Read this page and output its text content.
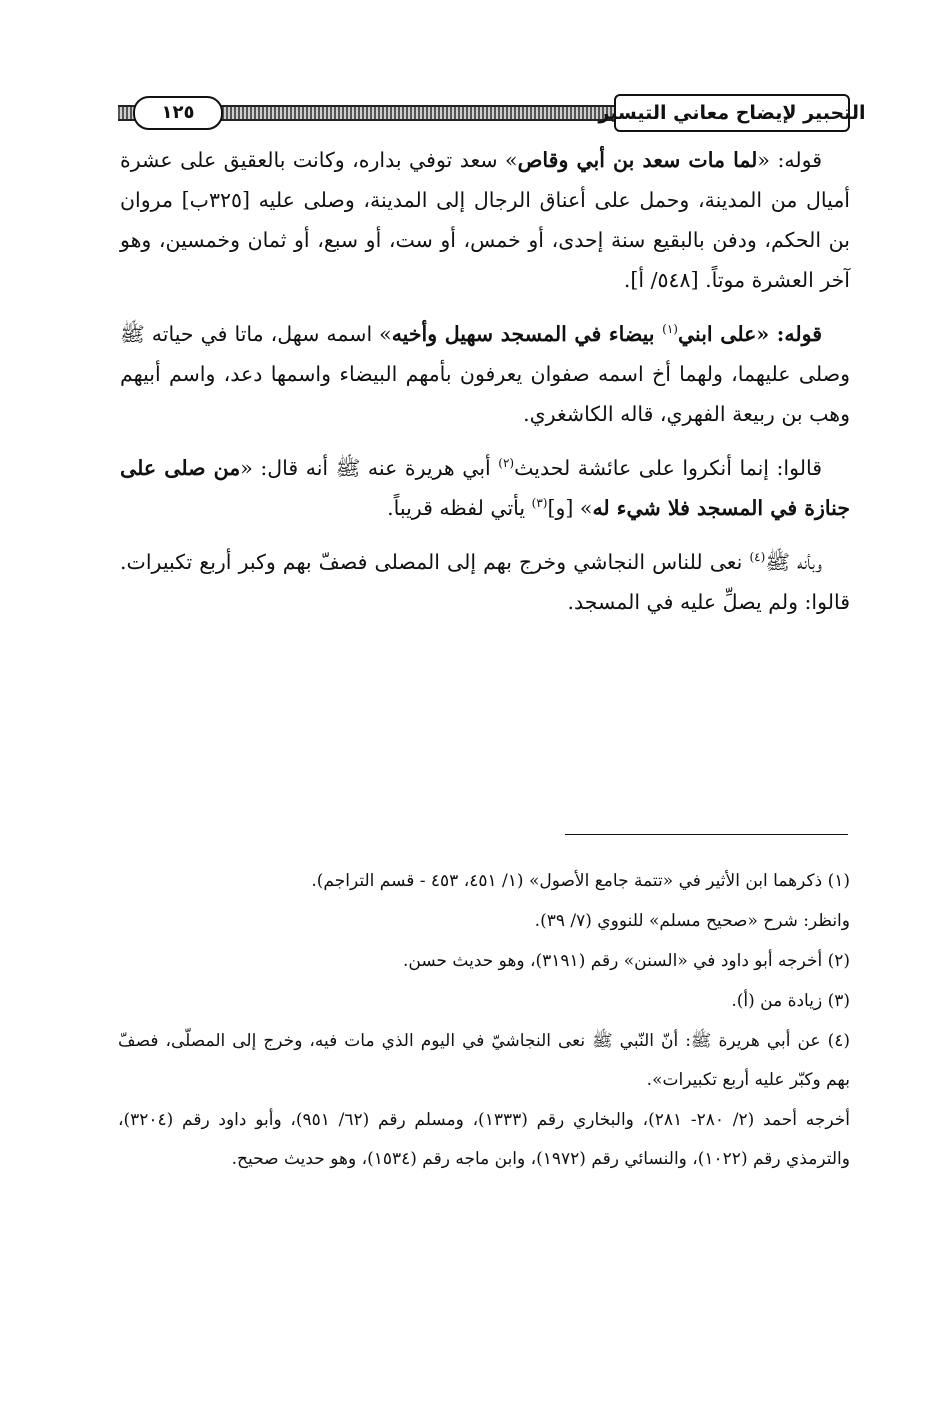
التحبير لإيضاح معاني التيسير
١٢٥

قوله: «لما مات سعد بن أبي وقاص» سعد توفي بداره، وكانت بالعقيق على عشرة أميال من المدينة، وحمل على أعناق الرجال إلى المدينة، وصلى عليه [٣٢٥ب] مروان بن الحكم، ودفن بالبقيع سنة إحدى، أو خمس، أو ست، أو سبع، أو ثمان وخمسين، وهو آخر العشرة موتاً. [٥٤٨/ أ].

قوله: «على ابني$^{(١)}$ بيضاء في المسجد سهيل وأخيه» اسمه سهل، ماتا في حياته ﷺ وصلى عليهما، ولهما أخ اسمه صفوان يعرفون بأمهم البيضاء واسمها دعد، واسم أبيهم وهب بن ربيعة الفهري، قاله الكاشغري.

قالوا: إنما أنكروا على عائشة لحديث$^{(٢)}$ أبي هريرة عنه ﷺ أنه قال: «من صلى على جنازة في المسجد فلا شيء له» [و]$^{(٣)}$ يأتي لفظه قريباً.

وبأنه ﷺ$^{(٤)}$ نعى للناس النجاشي وخرج بهم إلى المصلى فصفّ بهم وكبر أربع تكبيرات. قالوا: ولم يصلِّ عليه في المسجد.

(١) ذكرهما ابن الأثير في «تتمة جامع الأصول» (١/ ٤٥١، ٤٥٣ - قسم التراجم).

وانظر: شرح «صحيح مسلم» للنووي (٧/ ٣٩).

(٢) أخرجه أبو داود في «السنن» رقم (٣١٩١)، وهو حديث حسن.

(٣) زيادة من (أ).

(٤) عن أبي هريرة ﷺ: أنّ النّبي ﷺ نعى النجاشيّ في اليوم الذي مات فيه، وخرج إلى المصلّى، فصفّ بهم وكبّر عليه أربع تكبيرات».

أخرجه أحمد (٢/ ٢٨٠- ٢٨١)، والبخاري رقم (١٣٣٣)، ومسلم رقم (٦٢/ ٩٥١)، وأبو داود رقم (٣٢٠٤)، والترمذي رقم (١٠٢٢)، والنسائي رقم (١٩٧٢)، وابن ماجه رقم (١٥٣٤)، وهو حديث صحيح.
